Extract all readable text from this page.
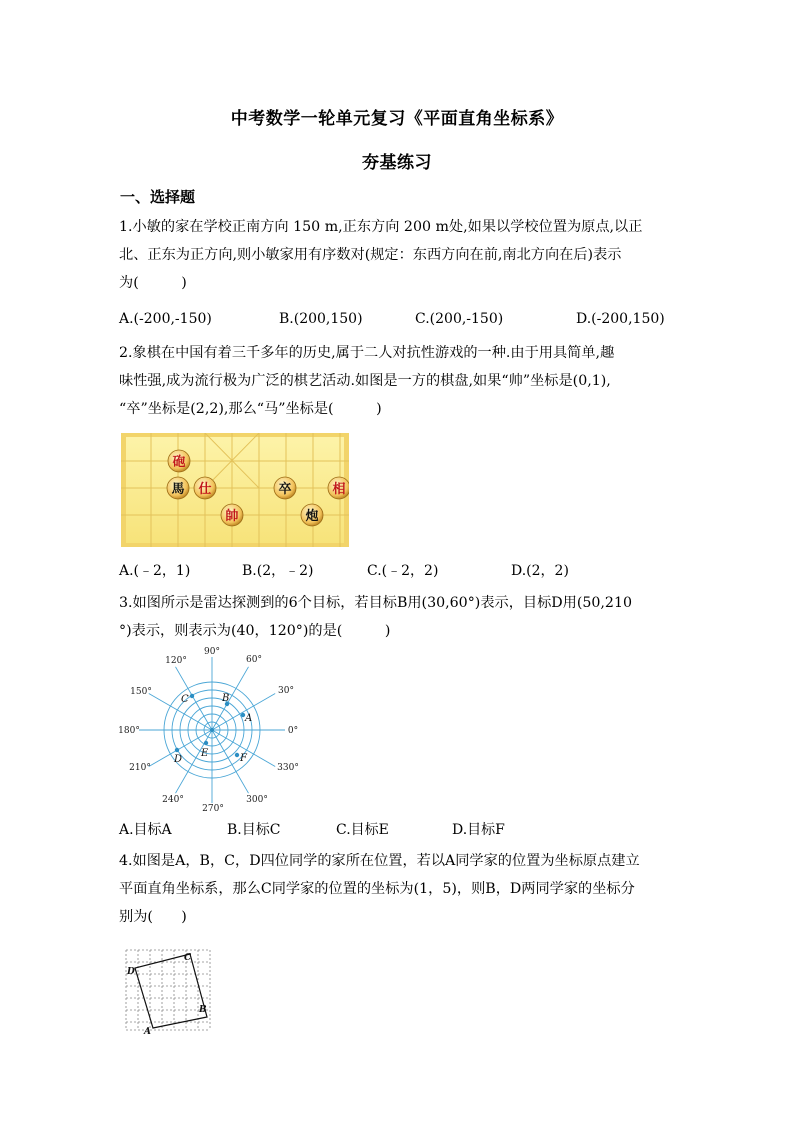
中考数学一轮单元复习《平面直角坐标系》
夯基练习
一、选择题
1.小敏的家在学校正南方向 150 m,正东方向 200 m处,如果以学校位置为原点,以正
北、正东为正方向,则小敏家用有序数对(规定：东西方向在前,南北方向在后)表示
为(　　　)
A.(-200,-150)	B.(200,150)	C.(200,-150)	D.(-200,150)
2.象棋在中国有着三千多年的历史,属于二人对抗性游戏的一种.由于用具简单,趣
味性强,成为流行极为广泛的棋艺活动.如图是一方的棋盘,如果“帅”坐标是(0,1),
“卒”坐标是(2,2),那么“马”坐标是(　　　)
砲
馬 仕
帥
卒
炮
相
A.(﹣2，1)	B.(2，﹣2)	C.(﹣2，2)	D.(2，2)
3.如图所示是雷达探测到的6个目标，若目标B用(30,60°)表示，目标D用(50,210
°)表示，则表示为(40，120°)的是(　　　)
90°
60°
30°
0°
330°
300°
270°
240°
210°
180°
150°
120°
A
B
C
D
E	F
A.目标A	B.目标C	C.目标E	D.目标F
4.如图是A，B，C，D四位同学的家所在位置，若以A同学家的位置为坐标原点建立
平面直角坐标系，那么C同学家的位置的坐标为(1，5)，则B，D两同学家的坐标分
别为(　　)
A
B
C
D
